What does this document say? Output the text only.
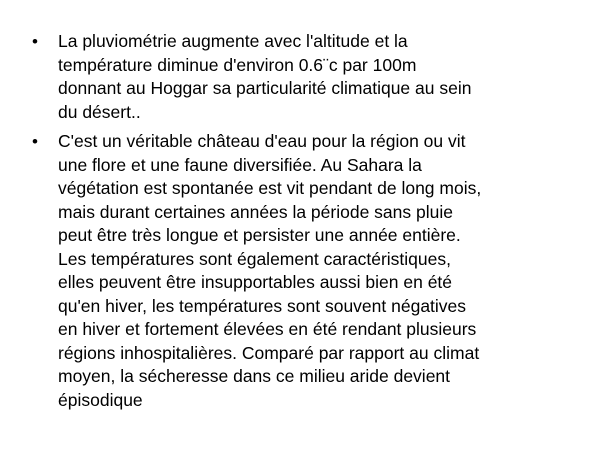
• La pluviométrie augmente avec l'altitude et la
température diminue d'environ 0.6¨c par 100m
donnant au Hoggar sa particularité climatique au sein
du désert..
• C'est un véritable château d'eau pour la région ou vit
une flore et une faune diversifiée. Au Sahara la
végétation est spontanée est vit pendant de long mois,
mais durant certaines années la période sans pluie
peut être très longue et persister une année entière.
Les températures sont également caractéristiques,
elles peuvent être insupportables aussi bien en été
qu'en hiver, les températures sont souvent négatives
en hiver et fortement élevées en été rendant plusieurs
régions inhospitalières. Comparé par rapport au climat
moyen, la sécheresse dans ce milieu aride devient
épisodique
